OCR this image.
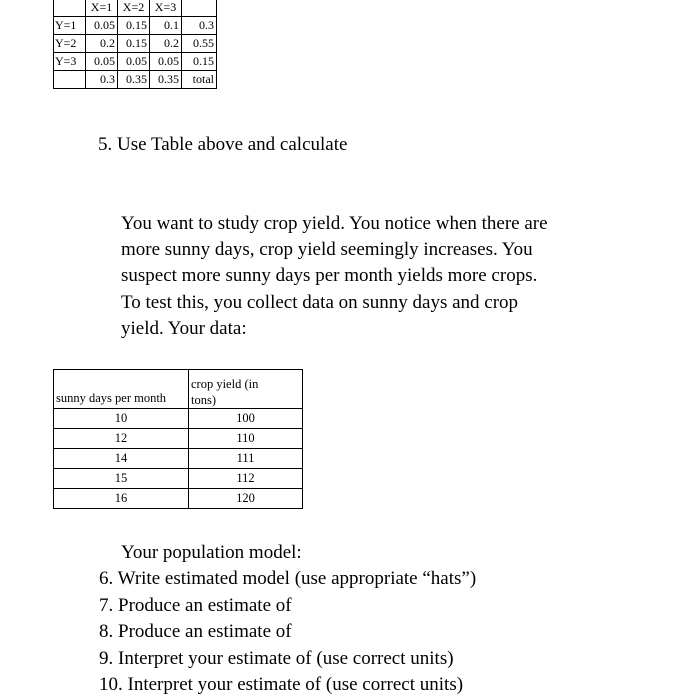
	X=1	X=2	X=3	
Y=1	0.05	0.15	0.1	0.3
Y=2	0.2	0.15	0.2	0.55
Y=3	0.05	0.05	0.05	0.15
	0.3	0.35	0.35	total
5. Use Table above and calculate
You want to study crop yield. You notice when there are
more sunny days, crop yield seemingly increases. You
suspect more sunny days per month yields more crops.
To test this, you collect data on sunny days and crop
yield. Your data:
sunny days per month	crop yield (in
tons)
10	100
12	110
14	111
15	112
16	120
Your population model:
6. Write estimated model (use appropriate “hats”)
7. Produce an estimate of
8. Produce an estimate of
9. Interpret your estimate of (use correct units)
10. Interpret your estimate of (use correct units)
